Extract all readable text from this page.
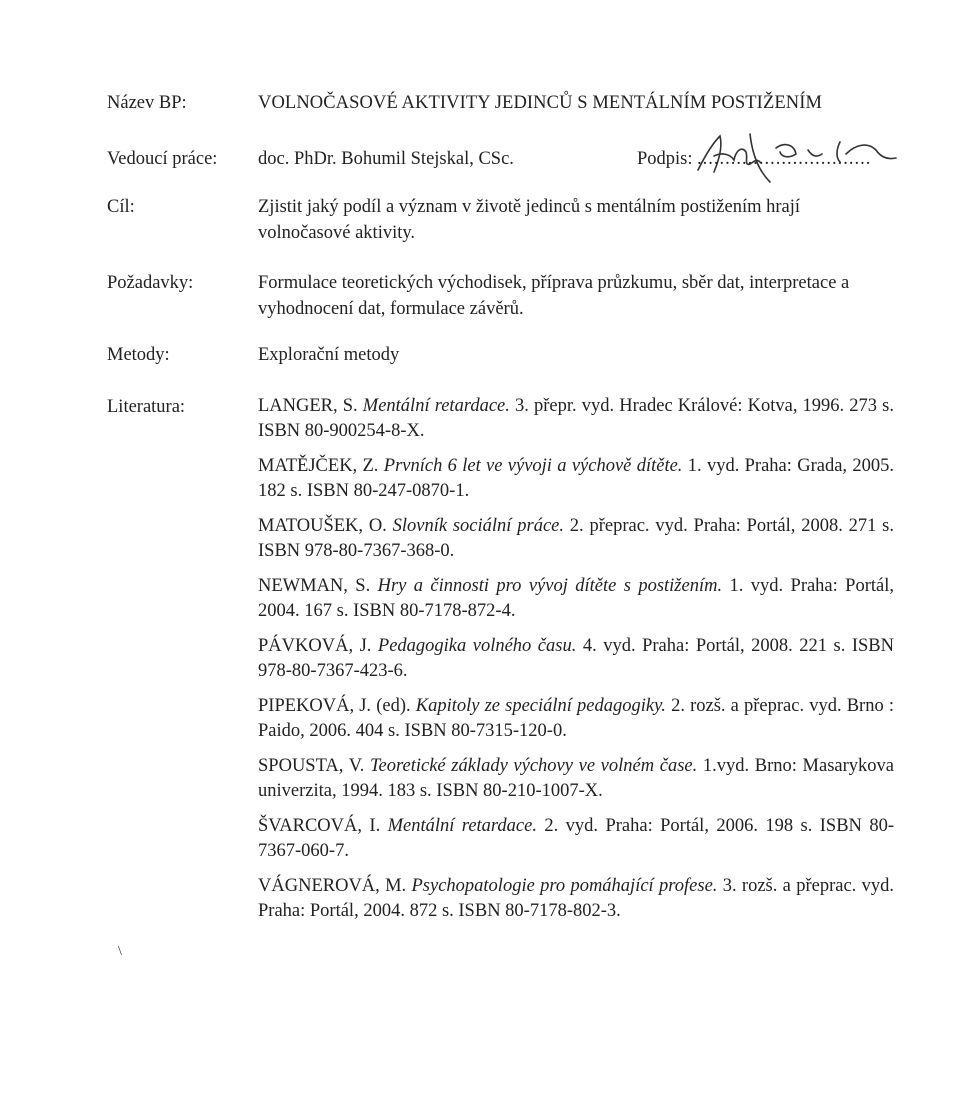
Název BP:	VOLNOČASOVÉ AKTIVITY JEDINCŮ S MENTÁLNÍM POSTIŽENÍM
Vedoucí práce: doc. PhDr. Bohumil Stejskal, CSc.	Podpis: ...............................
Cíl:	Zjistit jaký podíl a význam v životě jedinců s mentálním postižením hrají volnočasové aktivity.
Požadavky:	Formulace teoretických východisek, příprava průzkumu, sběr dat, interpretace a vyhodnocení dat, formulace závěrů.
Metody:	Explorační metody
Literatura:	LANGER, S. Mentální retardace. 3. přepr. vyd. Hradec Králové: Kotva, 1996. 273 s. ISBN 80-900254-8-X.

MATĚJČEK, Z. Prvních 6 let ve vývoji a výchově dítěte. 1. vyd. Praha: Grada, 2005. 182 s. ISBN 80-247-0870-1.

MATOUŠEK, O. Slovník sociální práce. 2. přeprac. vyd. Praha: Portál, 2008. 271 s. ISBN 978-80-7367-368-0.

NEWMAN, S. Hry a činnosti pro vývoj dítěte s postižením. 1. vyd. Praha: Portál, 2004. 167 s. ISBN 80-7178-872-4.

PÁVKOVÁ, J. Pedagogika volného času. 4. vyd. Praha: Portál, 2008. 221 s. ISBN 978-80-7367-423-6.

PIPEKOVÁ, J. (ed). Kapitoly ze speciální pedagogiky. 2. rozš. a přeprac. vyd. Brno : Paido, 2006. 404 s. ISBN 80-7315-120-0.

SPOUSTA, V. Teoretické základy výchovy ve volném čase. 1.vyd. Brno: Masarykova univerzita, 1994. 183 s. ISBN 80-210-1007-X.

ŠVARCOVÁ, I. Mentální retardace. 2. vyd. Praha: Portál, 2006. 198 s. ISBN 80-7367-060-7.

VÁGNEROVÁ, M. Psychopatologie pro pomáhající profese. 3. rozš. a přeprac. vyd. Praha: Portál, 2004. 872 s. ISBN 80-7178-802-3.

\
